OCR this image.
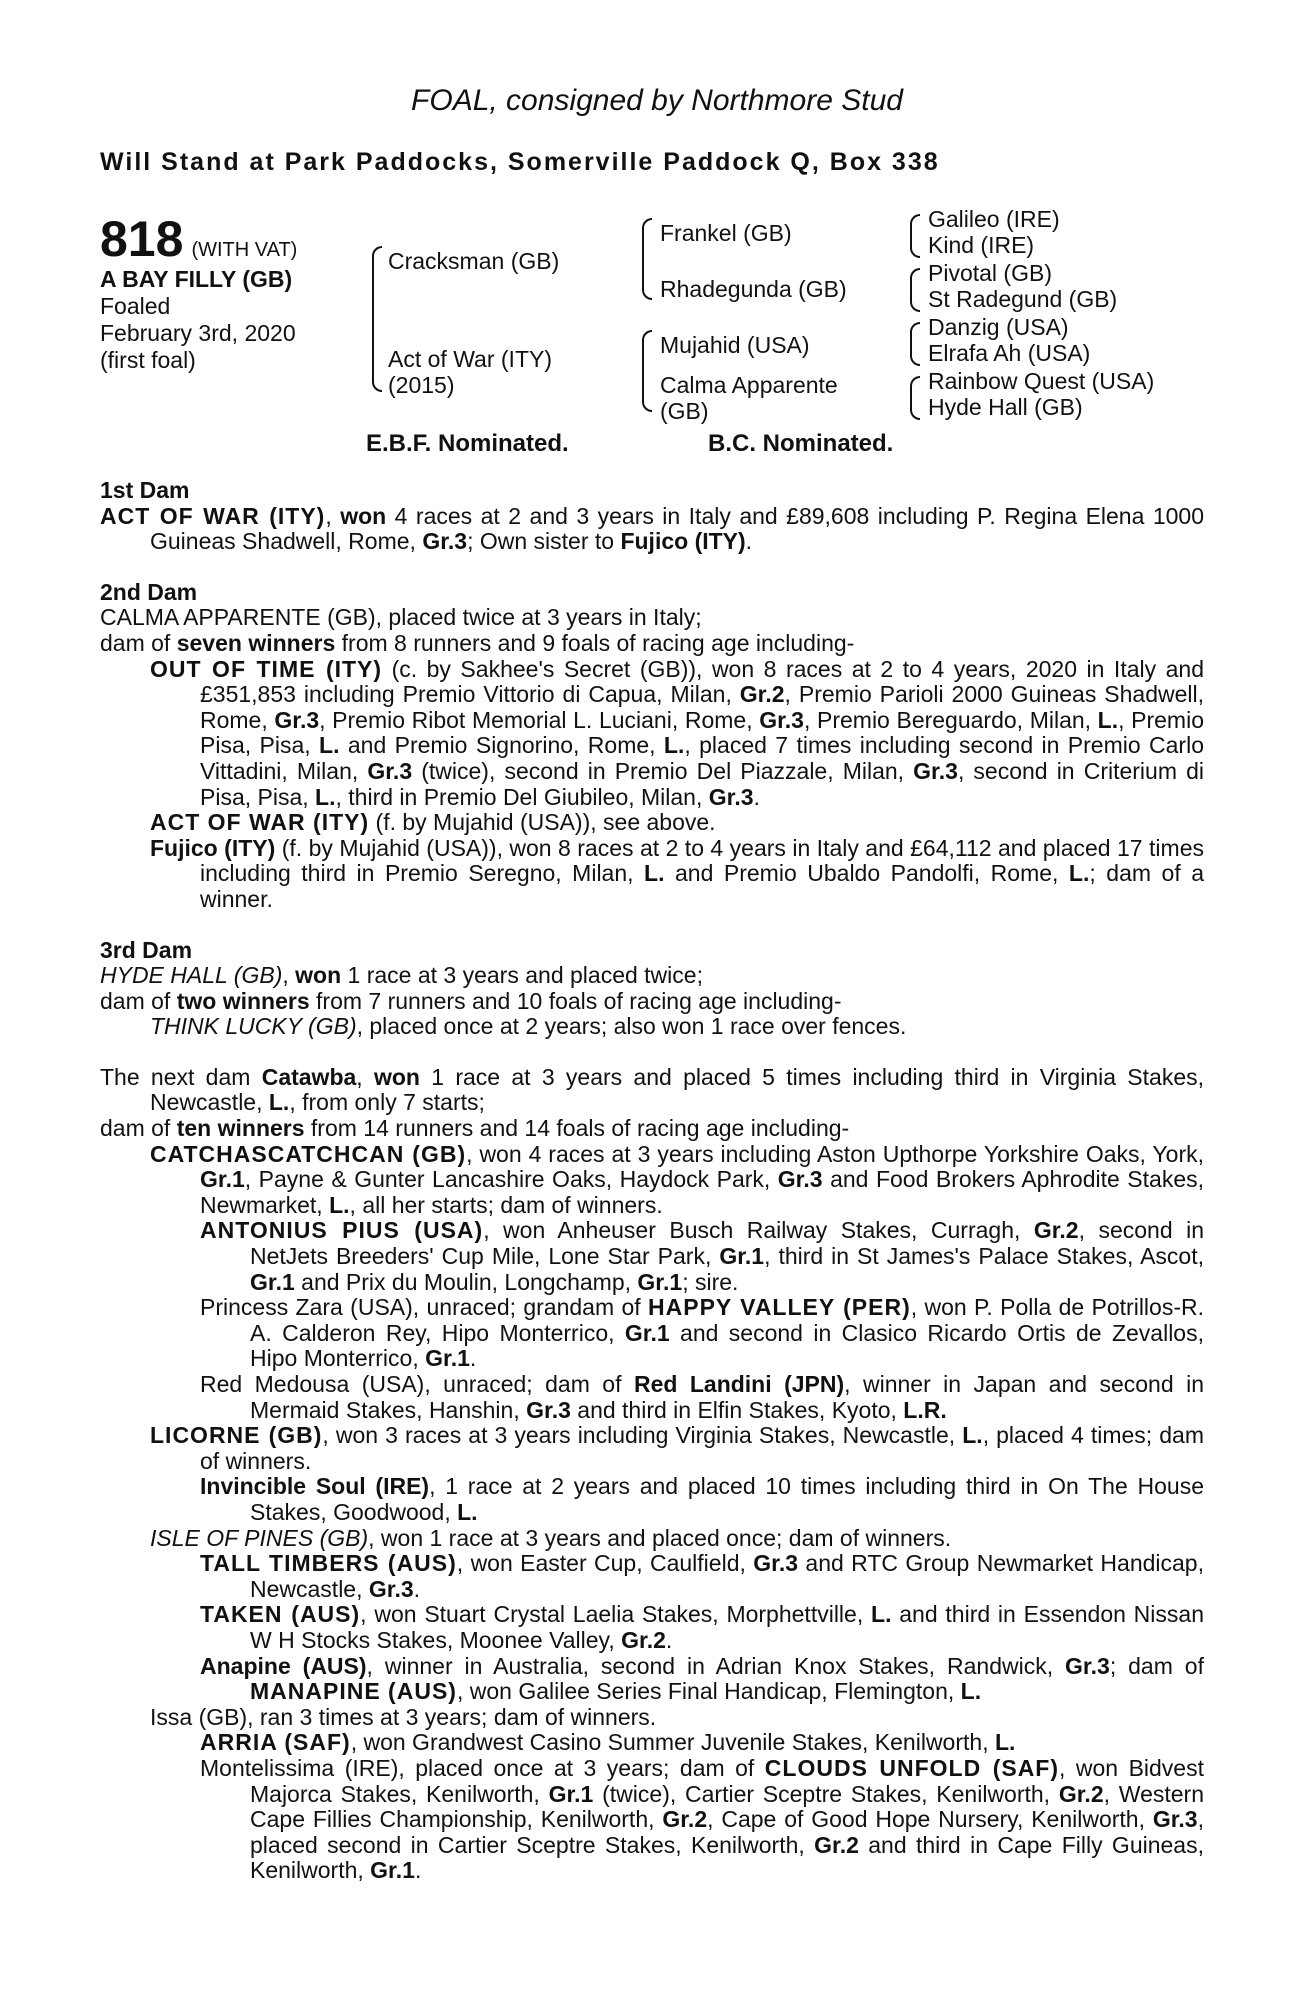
FOAL, consigned by Northmore Stud
Will Stand at Park Paddocks, Somerville Paddock Q, Box 338
818 (WITH VAT)
A BAY FILLY (GB)
Foaled
February 3rd, 2020
(first foal)
Cracksman (GB)
Act of War (ITY)
(2015)
Frankel (GB)
Rhadegunda (GB)
Mujahid (USA)
Calma Apparente
(GB)
Galileo (IRE)
Kind (IRE)
Pivotal (GB)
St Radegund (GB)
Danzig (USA)
Elrafa Ah (USA)
Rainbow Quest (USA)
Hyde Hall (GB)
E.B.F. Nominated.	B.C. Nominated.

1st Dam

ACT OF WAR (ITY), won 4 races at 2 and 3 years in Italy and £89,608 including P. Regina Elena 1000 Guineas Shadwell, Rome, Gr.3; Own sister to Fujico (ITY).

2nd Dam

CALMA APPARENTE (GB), placed twice at 3 years in Italy;

dam of seven winners from 8 runners and 9 foals of racing age including-

OUT OF TIME (ITY) (c. by Sakhee's Secret (GB)), won 8 races at 2 to 4 years, 2020 in Italy and £351,853 including Premio Vittorio di Capua, Milan, Gr.2, Premio Parioli 2000 Guineas Shadwell, Rome, Gr.3, Premio Ribot Memorial L. Luciani, Rome, Gr.3, Premio Bereguardo, Milan, L., Premio Pisa, Pisa, L. and Premio Signorino, Rome, L., placed 7 times including second in Premio Carlo Vittadini, Milan, Gr.3 (twice), second in Premio Del Piazzale, Milan, Gr.3, second in Criterium di Pisa, Pisa, L., third in Premio Del Giubileo, Milan, Gr.3.

ACT OF WAR (ITY) (f. by Mujahid (USA)), see above.

Fujico (ITY) (f. by Mujahid (USA)), won 8 races at 2 to 4 years in Italy and £64,112 and placed 17 times including third in Premio Seregno, Milan, L. and Premio Ubaldo Pandolfi, Rome, L.; dam of a winner.

3rd Dam

HYDE HALL (GB), won 1 race at 3 years and placed twice;

dam of two winners from 7 runners and 10 foals of racing age including-

THINK LUCKY (GB), placed once at 2 years; also won 1 race over fences.

The next dam Catawba, won 1 race at 3 years and placed 5 times including third in Virginia Stakes, Newcastle, L., from only 7 starts;

dam of ten winners from 14 runners and 14 foals of racing age including-

CATCHASCATCHCAN (GB), won 4 races at 3 years including Aston Upthorpe Yorkshire Oaks, York, Gr.1, Payne & Gunter Lancashire Oaks, Haydock Park, Gr.3 and Food Brokers Aphrodite Stakes, Newmarket, L., all her starts; dam of winners.

ANTONIUS PIUS (USA), won Anheuser Busch Railway Stakes, Curragh, Gr.2, second in NetJets Breeders' Cup Mile, Lone Star Park, Gr.1, third in St James's Palace Stakes, Ascot, Gr.1 and Prix du Moulin, Longchamp, Gr.1; sire.

Princess Zara (USA), unraced; grandam of HAPPY VALLEY (PER), won P. Polla de Potrillos-R. A. Calderon Rey, Hipo Monterrico, Gr.1 and second in Clasico Ricardo Ortis de Zevallos, Hipo Monterrico, Gr.1.

Red Medousa (USA), unraced; dam of Red Landini (JPN), winner in Japan and second in Mermaid Stakes, Hanshin, Gr.3 and third in Elfin Stakes, Kyoto, L.R.

LICORNE (GB), won 3 races at 3 years including Virginia Stakes, Newcastle, L., placed 4 times; dam of winners.

Invincible Soul (IRE), 1 race at 2 years and placed 10 times including third in On The House Stakes, Goodwood, L.

ISLE OF PINES (GB), won 1 race at 3 years and placed once; dam of winners.

TALL TIMBERS (AUS), won Easter Cup, Caulfield, Gr.3 and RTC Group Newmarket Handicap, Newcastle, Gr.3.

TAKEN (AUS), won Stuart Crystal Laelia Stakes, Morphettville, L. and third in Essendon Nissan W H Stocks Stakes, Moonee Valley, Gr.2.

Anapine (AUS), winner in Australia, second in Adrian Knox Stakes, Randwick, Gr.3; dam of MANAPINE (AUS), won Galilee Series Final Handicap, Flemington, L.

Issa (GB), ran 3 times at 3 years; dam of winners.

ARRIA (SAF), won Grandwest Casino Summer Juvenile Stakes, Kenilworth, L.

Montelissima (IRE), placed once at 3 years; dam of CLOUDS UNFOLD (SAF), won Bidvest Majorca Stakes, Kenilworth, Gr.1 (twice), Cartier Sceptre Stakes, Kenilworth, Gr.2, Western Cape Fillies Championship, Kenilworth, Gr.2, Cape of Good Hope Nursery, Kenilworth, Gr.3, placed second in Cartier Sceptre Stakes, Kenilworth, Gr.2 and third in Cape Filly Guineas, Kenilworth, Gr.1.
